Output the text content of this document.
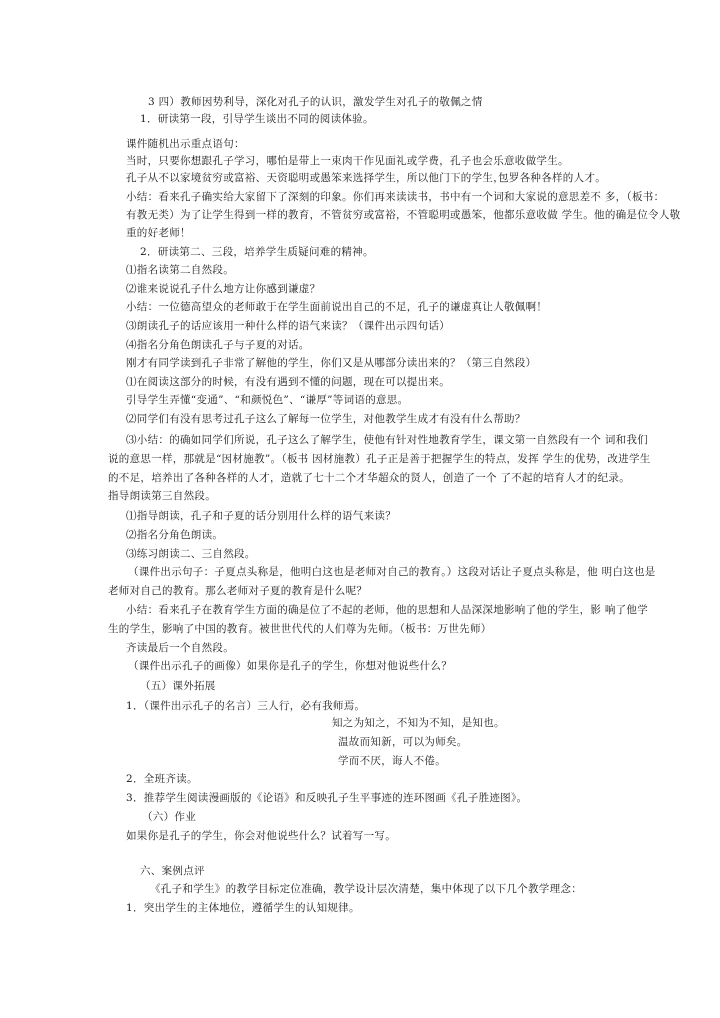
3 四）教师因势利导，深化对孔子的认识，激发学生对孔子的敬佩之情
1．研读第一段，引导学生谈出不同的阅读体验。
课件随机出示重点语句：
当时，只要你想跟孔子学习，哪怕是带上一束肉干作见面礼或学费，孔子也会乐意收做学生。
孔子从不以家境贫穷或富裕、天资聪明或愚笨来选择学生，所以他门下的学生，
包罗各种各样的人才。
小结：看来孔子确实给大家留下了深刻的印象。你们再来读读书，书中有一个词和大家说的意思差不 多，（板书：
有教无类）为了让学生得到一样的教育，不管贫穷或富裕，不管聪明或愚笨，他都乐意收做 学生。他的确是位令人敬
重的好老师！
2．研读第二、三段，培养学生质疑问难的精神。
⑴指名读第二自然段。
⑵谁来说说孔子什么地方让你感到谦虚？
小结：一位德高望众的老师敢于在学生面前说出自己的不足，孔子的谦虚真让人敬佩啊！
⑶朗读孔子的话应该用一种什么样的语气来读？（课件出示四句话）
⑷指名分角色朗读孔子与子夏的对话。
刚才有同学读到孔子非常了解他的学生，你们又是从哪部分读出来的？（第三自然段）
⑴在阅读这部分的时候，有没有遇到不懂的问题，现在可以提出来。
引导学生弄懂“变通”、“和颜悦色”、“谦厚”等词语的意思。
⑵同学们有没有思考过孔子这么了解每一位学生，对他教学生成才有没有什么帮助？
⑶小结：的确如同学们所说，孔子这么了解学生，使他有针对性地教育学生，课文第一自然段有一个 词和我们
说的意思一样，那就是“因材施教”。（板书 因材施教）孔子正是善于把握学生的特点，发挥 学生的优势，改进学生
的不足，培养出了各种各样的人才，造就了七十二个才华超众的贤人，创造了一个 了不起的培育人才的纪录。
指导朗读第三自然段。
⑴指导朗读，孔子和子夏的话分别用什么样的语气来读？
⑵指名分角色朗读。
⑶练习朗读二、三自然段。
（课件出示句子：子夏点头称是，他明白这也是老师对自己的教育。）这段对话让子夏点头称是，他 明白这也是
老师对自己的教育。那么老师对子夏的教育是什么呢？
小结：看来孔子在教育学生方面的确是位了不起的老师，他的思想和人品深深地影响了他的学生，影 响了他学
生的学生，影响了中国的教育。被世世代代的人们尊为先师。（板书：万世先师）
齐读最后一个自然段。
（课件出示孔子的画像）如果你是孔子的学生，你想对他说些什么？
（五）课外拓展
1．（课件出示孔子的名言）三人行，必有我师焉。
知之为知之，不知为不知，是知也。
温故而知新，可以为师矣。
学而不厌，诲人不倦。
2．全班齐读。
3．推荐学生阅读漫画版的《论语》和反映孔子生平事迹的连环图画《孔子胜迹图》。
（六）作业
如果你是孔子的学生，你会对他说些什么？试着写一写。
六、案例点评
《孔子和学生》的教学目标定位准确，教学设计层次清楚，集中体现了以下几个教学理念：
1．突出学生的主体地位，遵循学生的认知规律。
